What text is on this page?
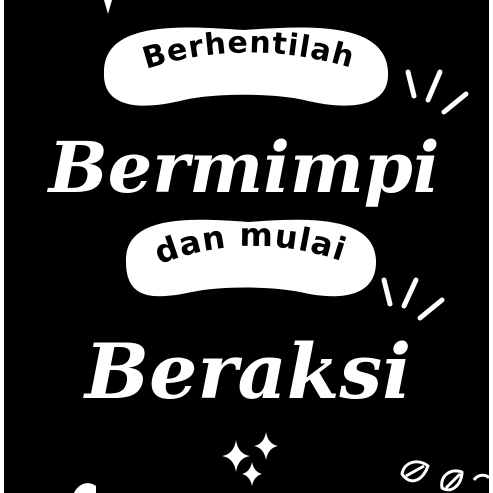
Berhentilah
Bermimpi
dan mulai
Beraksi
